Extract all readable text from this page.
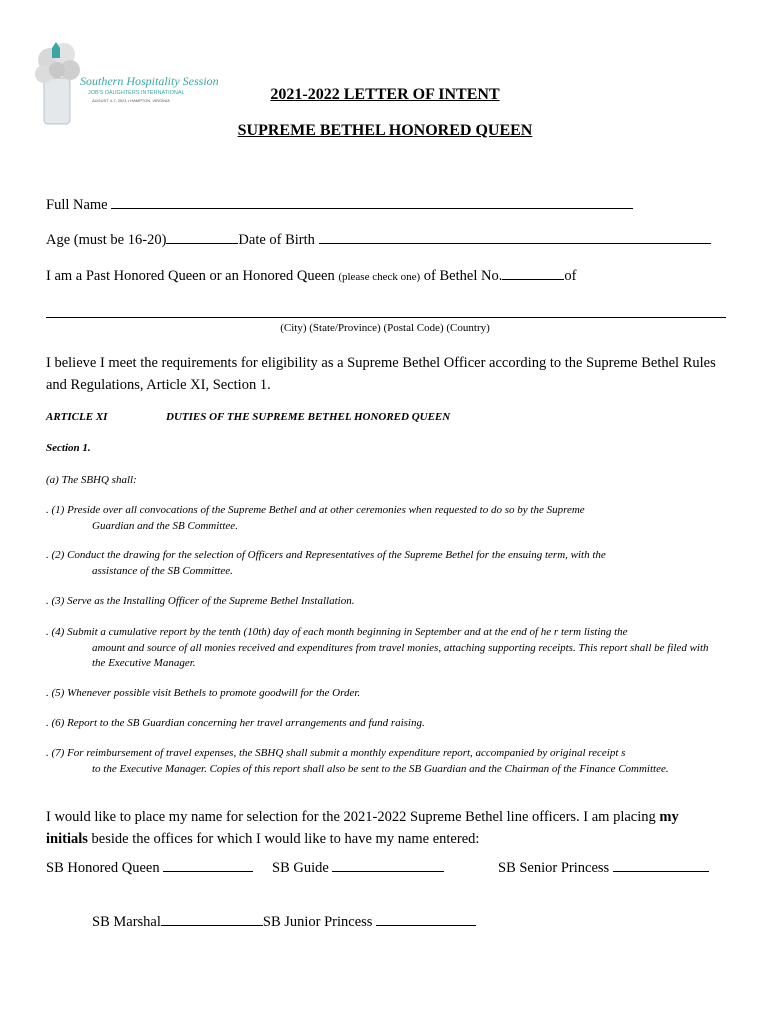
Southern Hospitality Session
JOB'S DAUGHTERS INTERNATIONAL
AUGUST 4-7, 2021 • HAMPTON, VIRGINIA	2021-2022 LETTER OF INTENT
SUPREME BETHEL HONORED QUEEN
Full Name
Age (must be 16-20)	Date of Birth
I am a Past Honored Queen or an Honored Queen (please check one) of Bethel No.	of
(City) (State/Province) (Postal Code) (Country)
I believe I meet the requirements for eligibility as a Supreme Bethel Officer according to the Supreme Bethel Rules and Regulations, Article XI, Section 1.
ARTICLE XI	DUTIES OF THE SUPREME BETHEL HONORED QUEEN
Section 1.
(a) The SBHQ shall:
. (1) Preside over all convocations of the Supreme Bethel and at other ceremonies when requested to do so by the Supreme
Guardian and the SB Committee.
. (2) Conduct the drawing for the selection of Officers and Representatives of the Supreme Bethel for the ensuing term, with the
assistance of the SB Committee.
. (3) Serve as the Installing Officer of the Supreme Bethel Installation.
. (4) Submit a cumulative report by the tenth (10th) day of each month beginning in September and at the end of he r term listing the
amount and source of all monies received and expenditures from travel monies, attaching supporting receipts. This report shall be filed with the Executive Manager.
. (5) Whenever possible visit Bethels to promote goodwill for the Order.
. (6) Report to the SB Guardian concerning her travel arrangements and fund raising.
. (7) For reimbursement of travel expenses, the SBHQ shall submit a monthly expenditure report, accompanied by original receipt s
to the Executive Manager. Copies of this report shall also be sent to the SB Guardian and the Chairman of the Finance Committee.
I would like to place my name for selection for the 2021-2022 Supreme Bethel line officers. I am placing my initials beside the offices for which I would like to have my name entered:
SB Honored Queen	SB Guide	SB Senior Princess
SB Marshal	SB Junior Princess
